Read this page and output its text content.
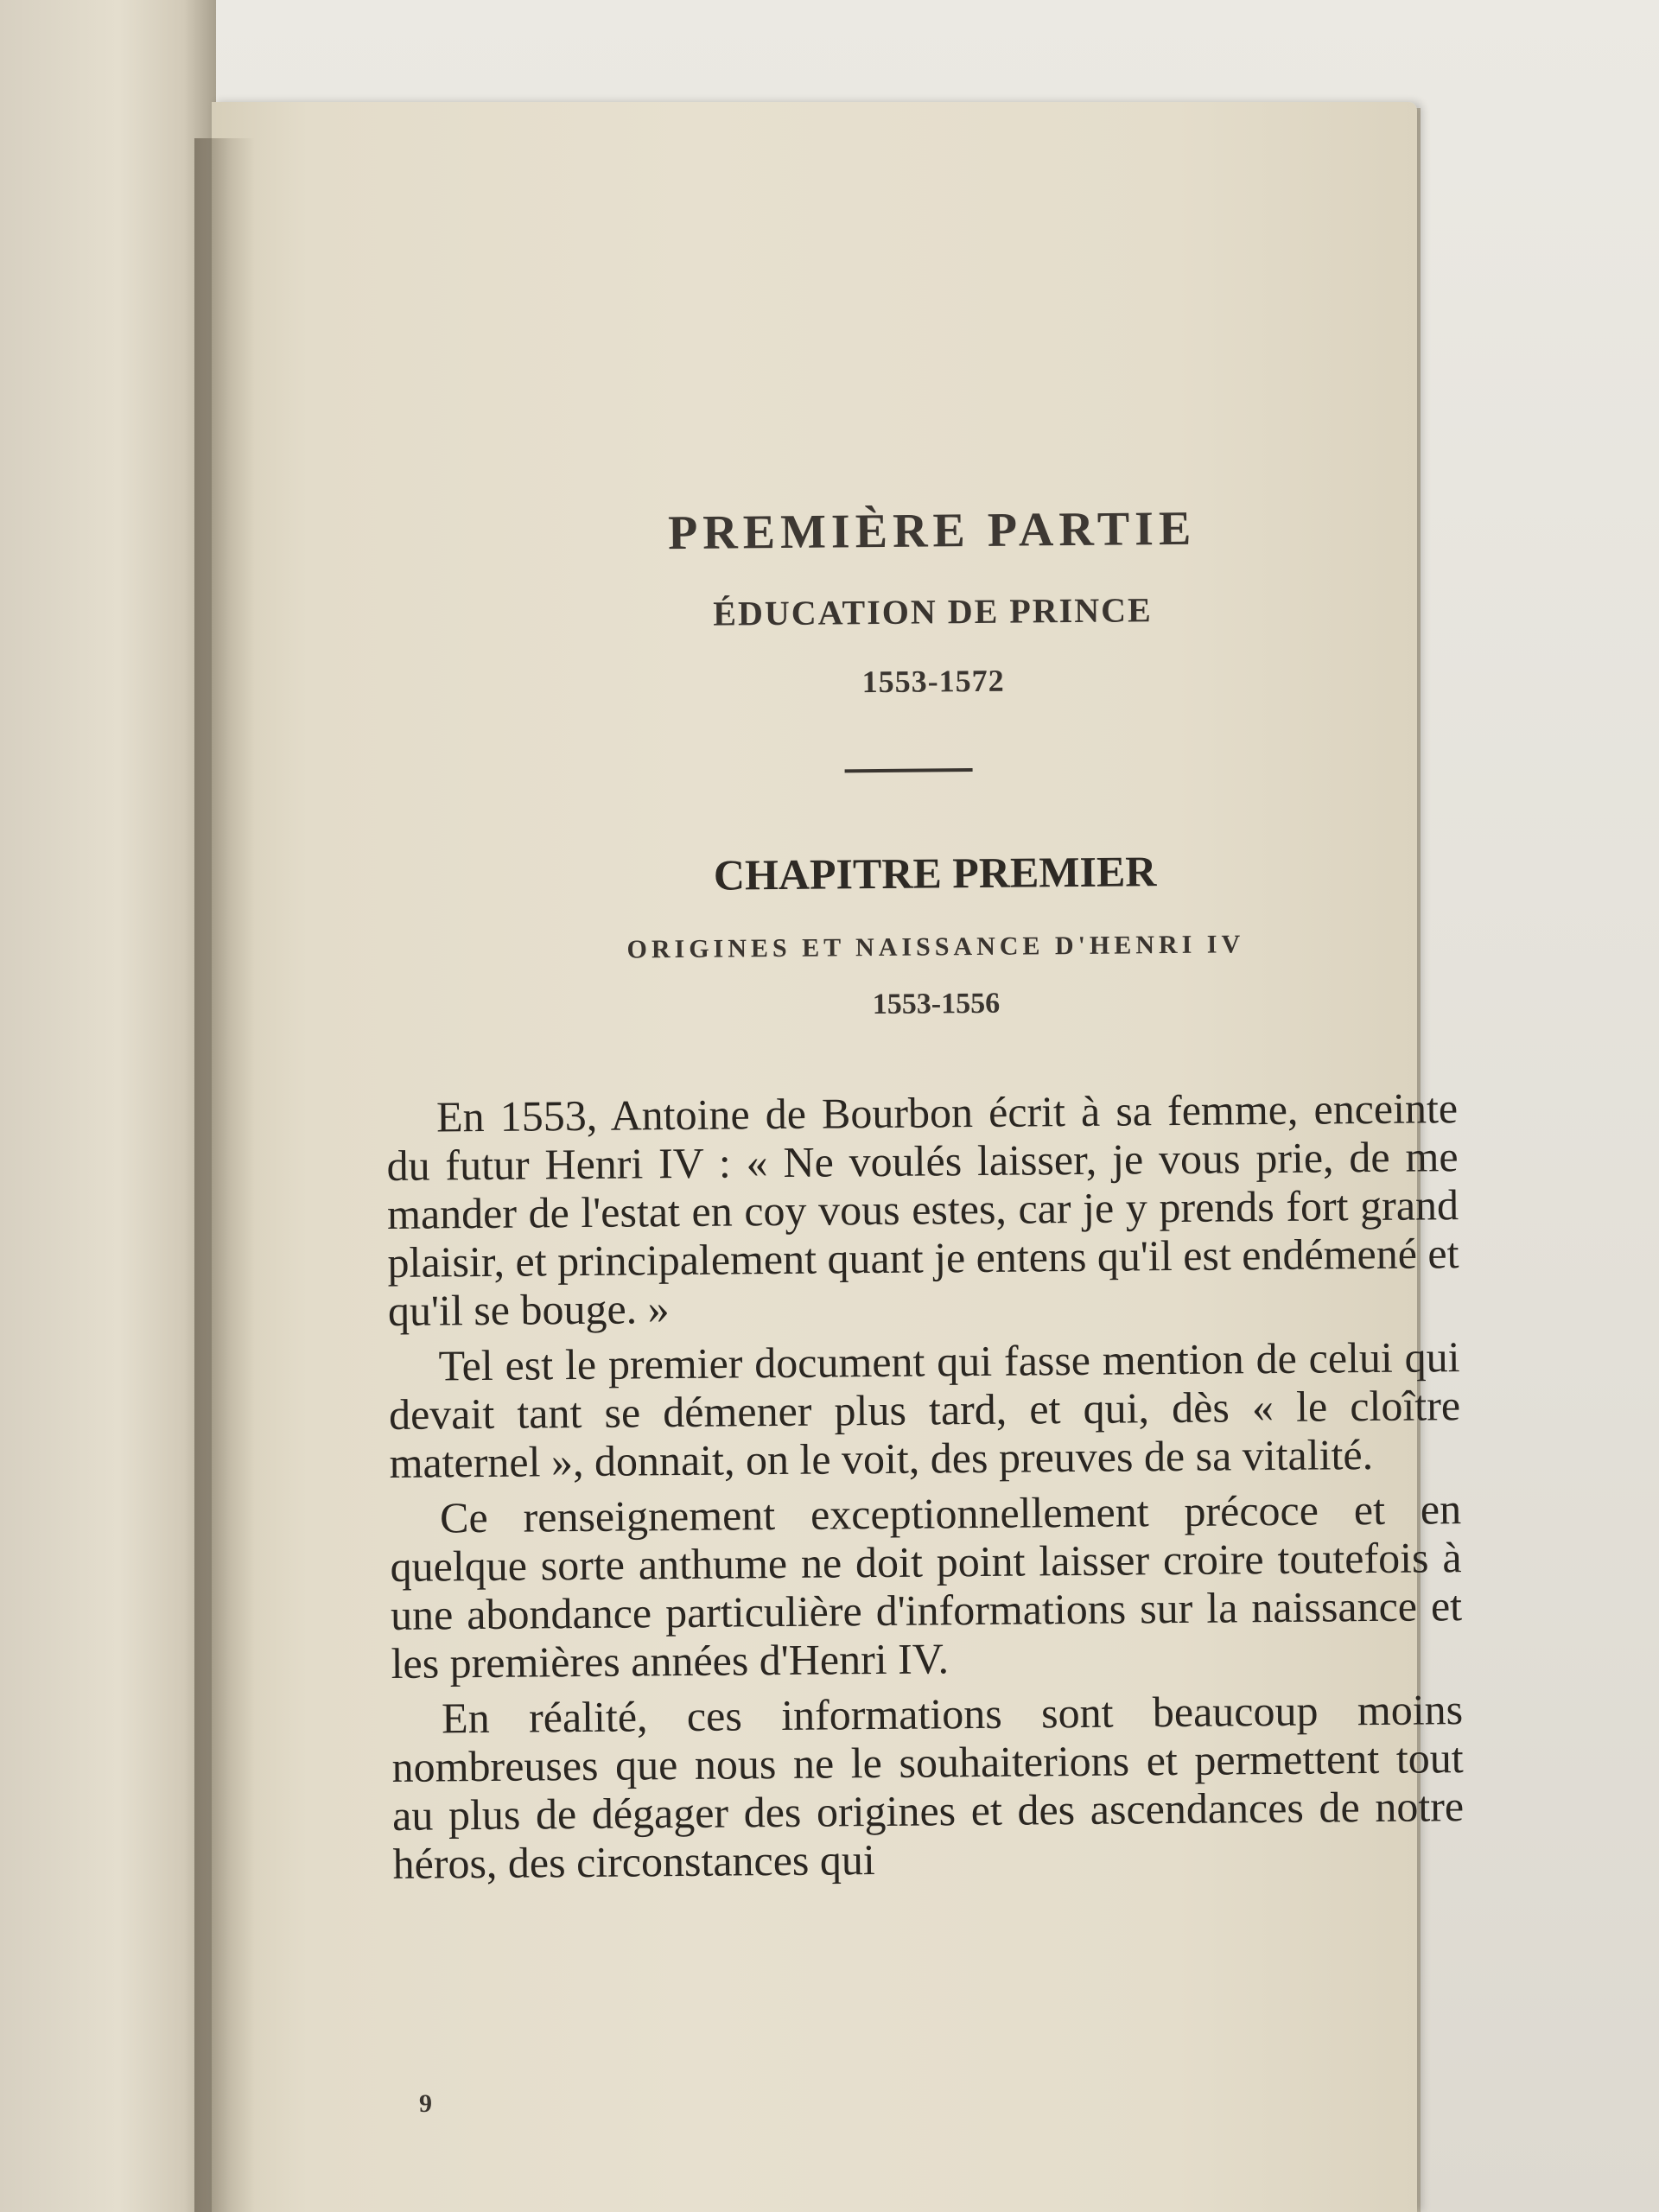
PREMIÈRE PARTIE
ÉDUCATION DE PRINCE
1553-1572
CHAPITRE PREMIER
ORIGINES ET NAISSANCE D'HENRI IV
1553-1556

En 1553, Antoine de Bourbon écrit à sa femme, enceinte du futur Henri IV : « Ne voulés laisser, je vous prie, de me mander de l'estat en coy vous estes, car je y prends fort grand plaisir, et principalement quant je entens qu'il est endémené et qu'il se bouge. »

Tel est le premier document qui fasse mention de celui qui devait tant se démener plus tard, et qui, dès « le cloître maternel », donnait, on le voit, des preuves de sa vitalité.

Ce renseignement exceptionnellement précoce et en quelque sorte anthume ne doit point laisser croire toutefois à une abondance particulière d'informations sur la naissance et les premières années d'Henri IV.

En réalité, ces informations sont beaucoup moins nombreuses que nous ne le souhaiterions et permettent tout au plus de dégager des origines et des ascendances de notre héros, des circonstances qui

9
